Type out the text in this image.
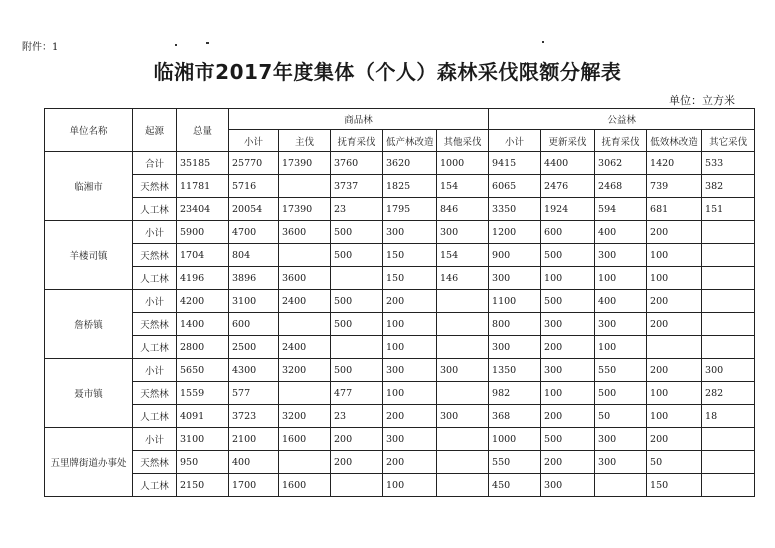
附件：1
临湘市2017年度集体（个人）森林采伐限额分解表
单位：立方米
单位名称	起源	总量	商品林					公益林				
			小计	主伐	抚育采伐	低产林改造	其他采伐	小计	更新采伐	抚育采伐	低效林改造	其它采伐
临湘市	合计	35185	25770	17390	3760	3620	1000	9415	4400	3062	1420	533
	天然林	11781	5716		3737	1825	154	6065	2476	2468	739	382
	人工林	23404	20054	17390	23	1795	846	3350	1924	594	681	151
羊楼司镇	小计	5900	4700	3600	500	300	300	1200	600	400	200	
	天然林	1704	804		500	150	154	900	500	300	100	
	人工林	4196	3896	3600		150	146	300	100	100	100	
詹桥镇	小计	4200	3100	2400	500	200		1100	500	400	200	
	天然林	1400	600		500	100		800	300	300	200	
	人工林	2800	2500	2400		100		300	200	100		
聂市镇	小计	5650	4300	3200	500	300	300	1350	300	550	200	300
	天然林	1559	577		477	100		982	100	500	100	282
	人工林	4091	3723	3200	23	200	300	368	200	50	100	18
五里牌街道办事处	小计	3100	2100	1600	200	300		1000	500	300	200	
	天然林	950	400		200	200		550	200	300	50	
	人工林	2150	1700	1600		100		450	300		150	
